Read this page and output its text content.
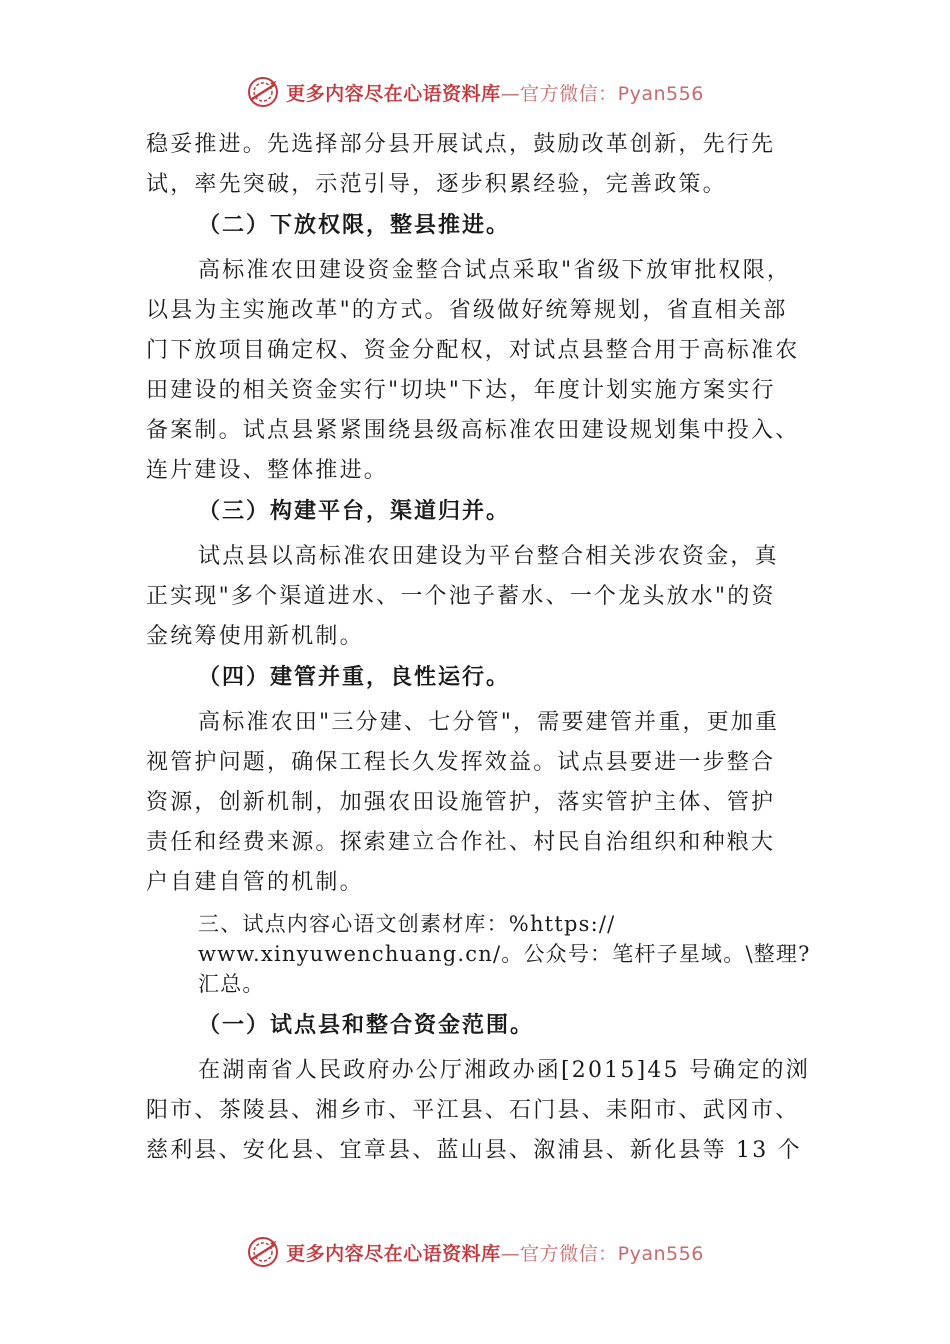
更多内容尽在心语资料库—官方微信：Pyan556
稳妥推进。先选择部分县开展试点，鼓励改革创新，先行先
试，率先突破，示范引导，逐步积累经验，完善政策。
（二）下放权限，整县推进。
高标准农田建设资金整合试点采取"省级下放审批权限，
以县为主实施改革"的方式。省级做好统筹规划，省直相关部
门下放项目确定权、资金分配权，对试点县整合用于高标准农
田建设的相关资金实行"切块"下达，年度计划实施方案实行
备案制。试点县紧紧围绕县级高标准农田建设规划集中投入、
连片建设、整体推进。
（三）构建平台，渠道归并。
试点县以高标准农田建设为平台整合相关涉农资金，真
正实现"多个渠道进水、一个池子蓄水、一个龙头放水"的资
金统筹使用新机制。
（四）建管并重，良性运行。
高标准农田"三分建、七分管"，需要建管并重，更加重
视管护问题，确保工程长久发挥效益。试点县要进一步整合
资源，创新机制，加强农田设施管护，落实管护主体、管护
责任和经费来源。探索建立合作社、村民自治组织和种粮大
户自建自管的机制。
三、试点内容心语文创素材库：%https://
www.xinyuwenchuang.cn/。公众号：笔杆子星域。\整理?
汇总。
（一）试点县和整合资金范围。
在湖南省人民政府办公厅湘政办函[2015]45 号确定的浏
阳市、茶陵县、湘乡市、平江县、石门县、耒阳市、武冈市、
慈利县、安化县、宜章县、蓝山县、溆浦县、新化县等 13 个
更多内容尽在心语资料库—官方微信：Pyan556
